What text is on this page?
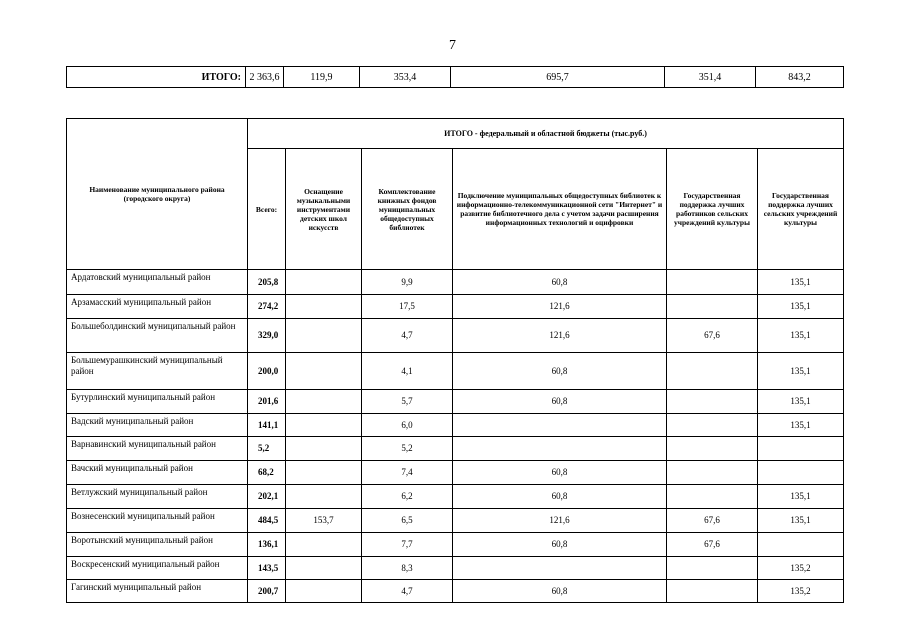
7
ИТОГО:	2 363,6	119,9	353,4	695,7	351,4	843,2
Наименование муниципального района (городского округа)	ИТОГО - федеральный и областной бюджеты (тыс.руб.)					
	Всего:	Оснащение музыкальными инструментами детских школ искусств	Комплектование книжных фондов муниципальных общедоступных библиотек	Подключение муниципальных общедоступных библиотек к информационно-телекоммуникационной сети "Интернет" и развитие библиотечного дела с учетом задачи расширения информационных технологий и оцифровки	Государственная поддержка лучших работников сельских учреждений культуры	Государственная поддержка лучших сельских учреждений культуры
Ардатовский муниципальный район	205,8		9,9	60,8		135,1
Арзамасский муниципальный район	274,2		17,5	121,6		135,1
Большеболдинский муниципальный район	329,0		4,7	121,6	67,6	135,1
Большемурашкинский муниципальный район	200,0		4,1	60,8		135,1
Бутурлинский муниципальный район	201,6		5,7	60,8		135,1
Вадский муниципальный район	141,1		6,0			135,1
Варнавинский муниципальный район	5,2		5,2			
Вачский муниципальный район	68,2		7,4	60,8		
Ветлужский муниципальный район	202,1		6,2	60,8		135,1
Вознесенский муниципальный район	484,5	153,7	6,5	121,6	67,6	135,1
Воротынский муниципальный район	136,1		7,7	60,8	67,6	
Воскресенский муниципальный район	143,5		8,3			135,2
Гагинский муниципальный район	200,7		4,7	60,8		135,2
